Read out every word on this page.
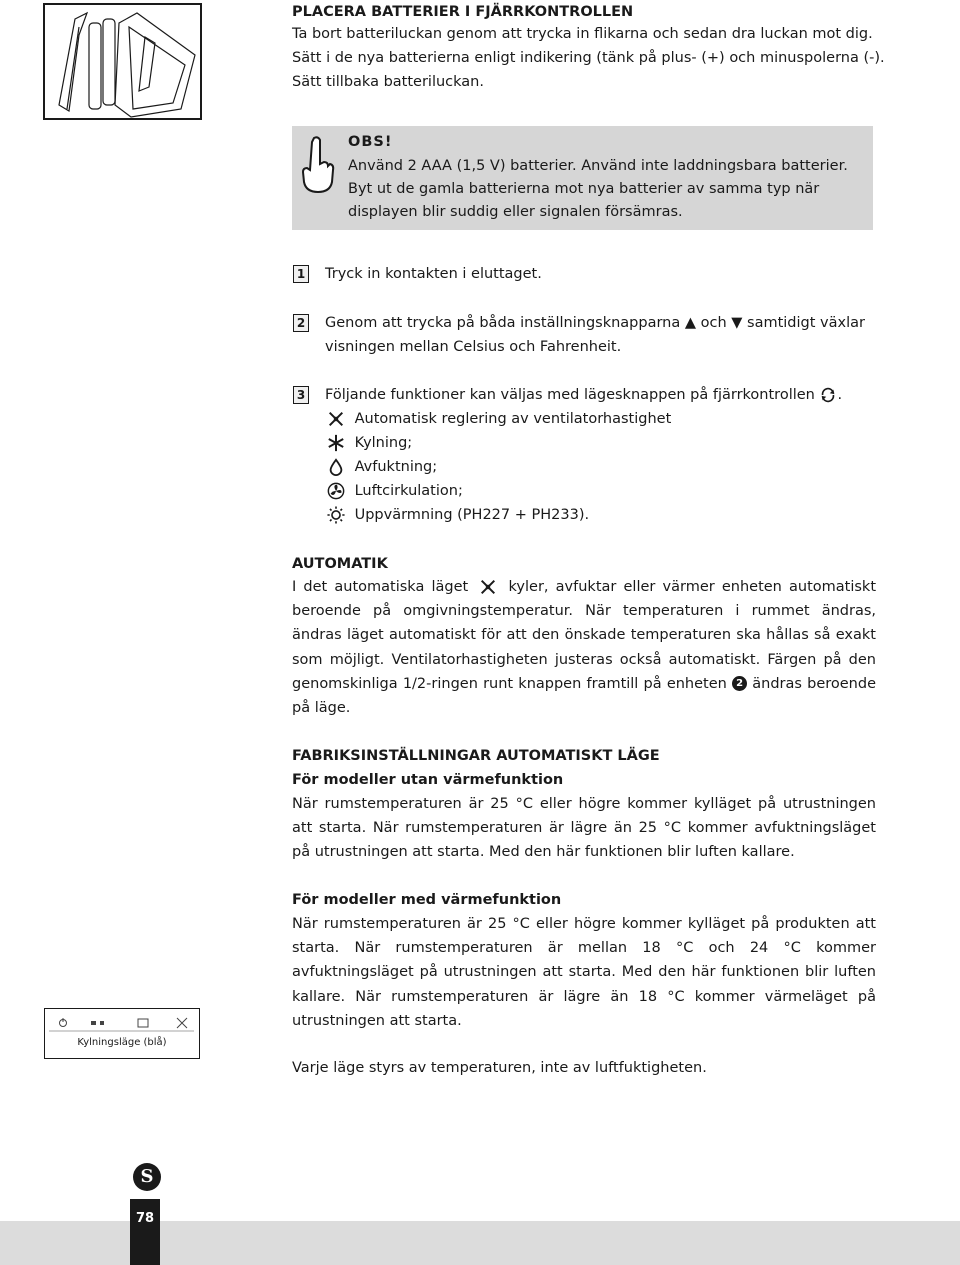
PLACERA BATTERIER I FJÄRRKONTROLLEN
Ta bort batteriluckan genom att trycka in flikarna och sedan dra luckan mot dig.
Sätt i de nya batterierna enligt indikering (tänk på plus- (+) och minuspolerna (-).
Sätt tillbaka batteriluckan.
OBS!
Använd 2 AAA (1,5 V) batterier. Använd inte laddningsbara batterier.
Byt ut de gamla batterierna mot nya batterier av samma typ när
displayen blir suddig eller signalen försämras.
1 Tryck in kontakten i eluttaget.
2 Genom att trycka på båda inställningsknapparna ▲ och ▼ samtidigt växlar
visningen mellan Celsius och Fahrenheit.
3 Följande funktioner kan väljas med lägesknappen på fjärrkontrollen .
Automatisk reglering av ventilatorhastighet
Kylning;
Avfuktning;
Luftcirkulation;
Uppvärmning (PH227 + PH233).
AUTOMATIK
I det automatiska läget	kyler, avfuktar eller värmer enheten automatiskt beroende på omgivningstemperatur. När temperaturen i rummet ändras, ändras läget automatiskt för att den önskade temperaturen ska hållas så exakt som möjligt. Ventilatorhastigheten justeras också automatiskt. Färgen på den genomskinliga 1/2-ringen runt knappen framtill på enheten 2 ändras beroende på läge.
FABRIKSINSTÄLLNINGAR AUTOMATISKT LÄGE
För modeller utan värmefunktion
När rumstemperaturen är 25 °C eller högre kommer kylläget på utrustningen att starta. När rumstemperaturen är lägre än 25 °C kommer avfuktningsläget på utrustningen att starta. Med den här funktionen blir luften kallare.
För modeller med värmefunktion
När rumstemperaturen är 25 °C eller högre kommer kylläget på produkten att starta. När rumstemperaturen är mellan 18 °C och 24 °C kommer avfuktningsläget på utrustningen att starta. Med den här funktionen blir luften kallare. När rumstemperaturen är lägre än 18 °C kommer värmeläget på utrustningen att starta.
Varje läge styrs av temperaturen, inte av luftfuktigheten.
Kylningsläge (blå)
S
78
